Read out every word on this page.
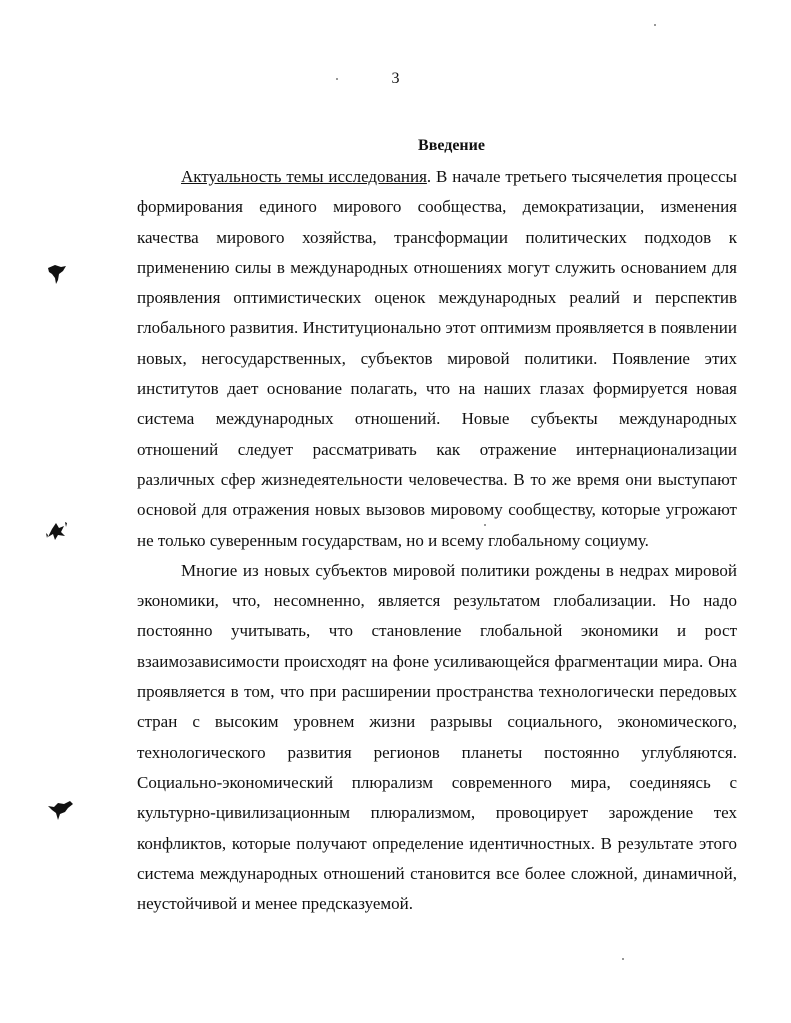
3
Введение

Актуальность темы исследования. В начале третьего тысячелетия процессы формирования единого мирового сообщества, демократизации, изменения качества мирового хозяйства, трансформации политических подходов к применению силы в международных отношениях могут служить основанием для проявления оптимистических оценок международных реалий и перспектив глобального развития. Институционально этот оптимизм проявляется в появлении новых, негосударственных, субъектов мировой политики. Появление этих институтов дает основание полагать, что на наших глазах формируется новая система международных отношений. Новые субъекты международных отношений следует рассматривать как отражение интернационализации различных сфер жизнедеятельности человечества. В то же время они выступают основой для отражения новых вызовов мировому сообществу, которые угрожают не только суверенным государствам, но и всему глобальному социуму.

Многие из новых субъектов мировой политики рождены в недрах мировой экономики, что, несомненно, является результатом глобализации. Но надо постоянно учитывать, что становление глобальной экономики и рост взаимозависимости происходят на фоне усиливающейся фрагментации мира. Она проявляется в том, что при расширении пространства технологически передовых стран с высоким уровнем жизни разрывы социального, экономического, технологического развития регионов планеты постоянно углубляются. Социально-экономический плюрализм современного мира, соединяясь с культурно-цивилизационным плюрализмом, провоцирует зарождение тех конфликтов, которые получают определение идентичностных. В результате этого система международных отношений становится все более сложной, динамичной, неустойчивой и менее предсказуемой.
